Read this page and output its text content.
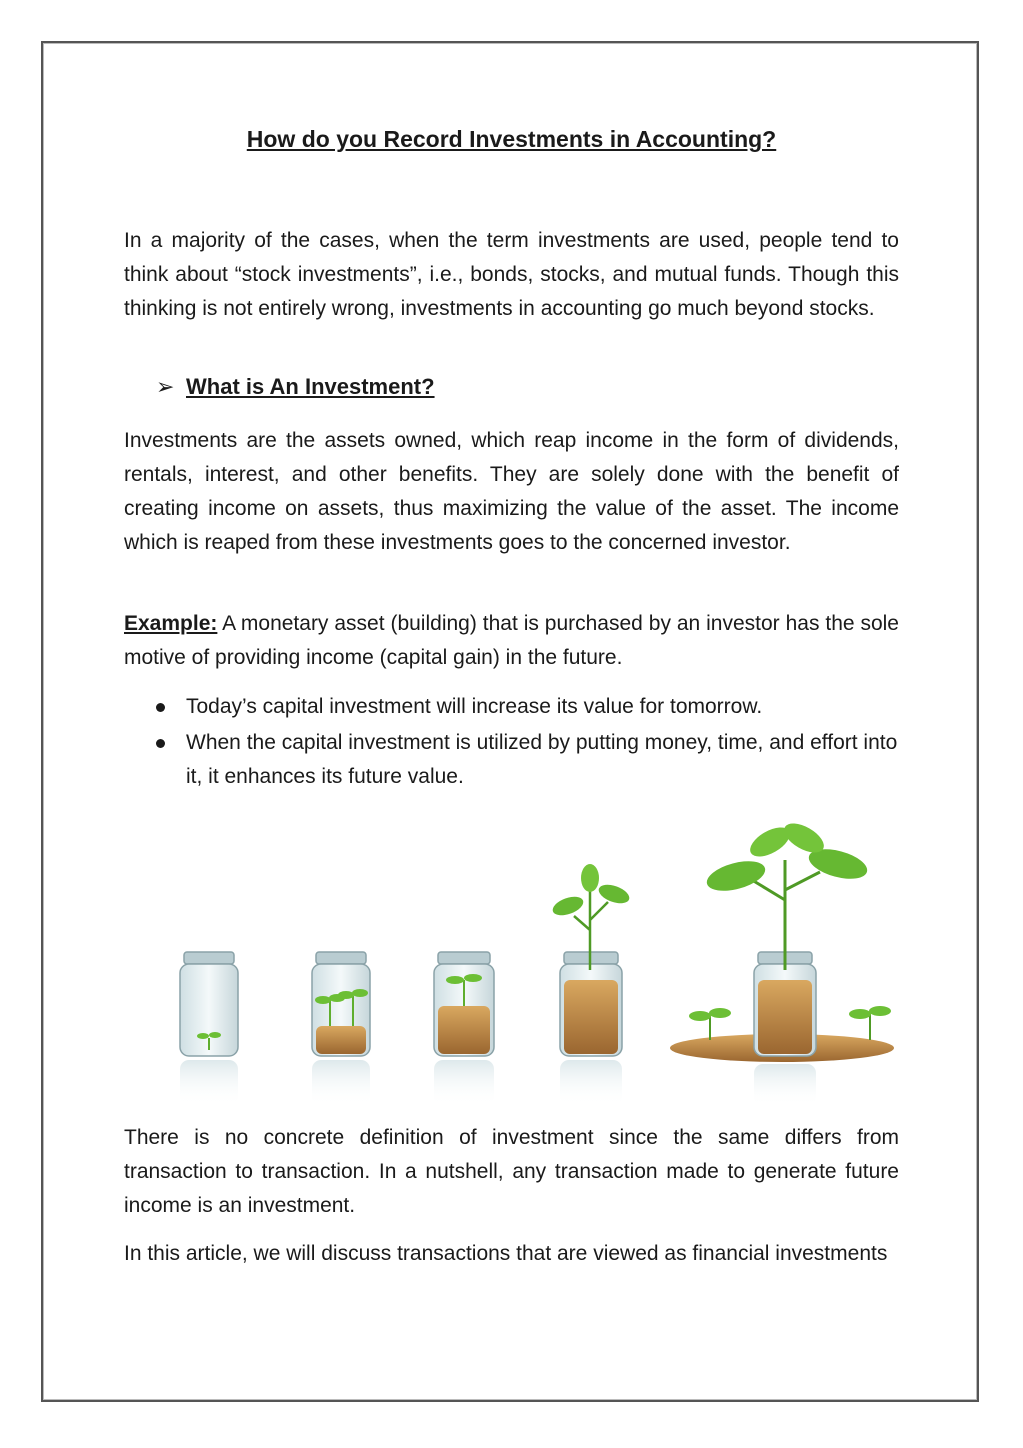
How do you Record Investments in Accounting?

In a majority of the cases, when the term investments are used, people tend to think about “stock investments”, i.e., bonds, stocks, and mutual funds. Though this thinking is not entirely wrong, investments in accounting go much beyond stocks.

➢ What is An Investment?

Investments are the assets owned, which reap income in the form of dividends, rentals, interest, and other benefits. They are solely done with the benefit of creating income on assets, thus maximizing the value of the asset. The income which is reaped from these investments goes to the concerned investor.

Example: A monetary asset (building) that is purchased by an investor has the sole motive of providing income (capital gain) in the future.

Today’s capital investment will increase its value for tomorrow.
When the capital investment is utilized by putting money, time, and effort into it, it enhances its future value.

There is no concrete definition of investment since the same differs from transaction to transaction. In a nutshell, any transaction made to generate future income is an investment.

In this article, we will discuss transactions that are viewed as financial investments
